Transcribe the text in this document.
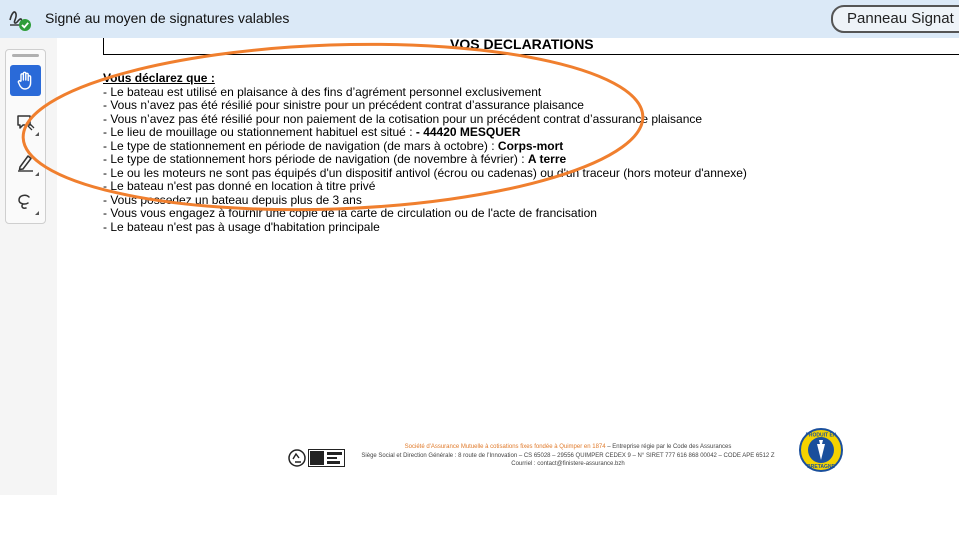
Signé au moyen de signatures valables	Panneau Signat
VOS DECLARATIONS
Vous déclarez que :
- Le bateau est utilisé en plaisance à des fins d’agrément personnel exclusivement
- Vous n’avez pas été résilié pour sinistre pour un précédent contrat d’assurance plaisance
- Vous n’avez pas été résilié pour non paiement de la cotisation pour un précédent contrat d’assurance plaisance
- Le lieu de mouillage ou stationnement habituel est situé : - 44420 MESQUER
- Le type de stationnement en période de navigation (de mars à octobre) : Corps-mort
- Le type de stationnement hors période de navigation (de novembre à février) : A terre
- Le ou les moteurs ne sont pas équipés d'un dispositif antivol (écrou ou cadenas) ou d'un traceur (hors moteur d'annexe)
- Le bateau n'est pas donné en location à titre privé
- Vous possedez un bateau depuis plus de 3 ans
- Vous vous engagez à fournir une copie de la carte de circulation ou de l'acte de francisation
- Le bateau n'est pas à usage d'habitation principale
Société d'Assurance Mutuelle à cotisations fixes fondée à Quimper en 1874 – Entreprise régie par le Code des Assurances
Siège Social et Direction Générale : 8 route de l’Innovation – CS 65028 – 29556 QUIMPER CEDEX 9 – N° SIRET 777 616 868 00042 – CODE APE 6512 Z
Courriel : contact@finistere-assurance.bzh
PRODUIT EN
BRETAGNE
